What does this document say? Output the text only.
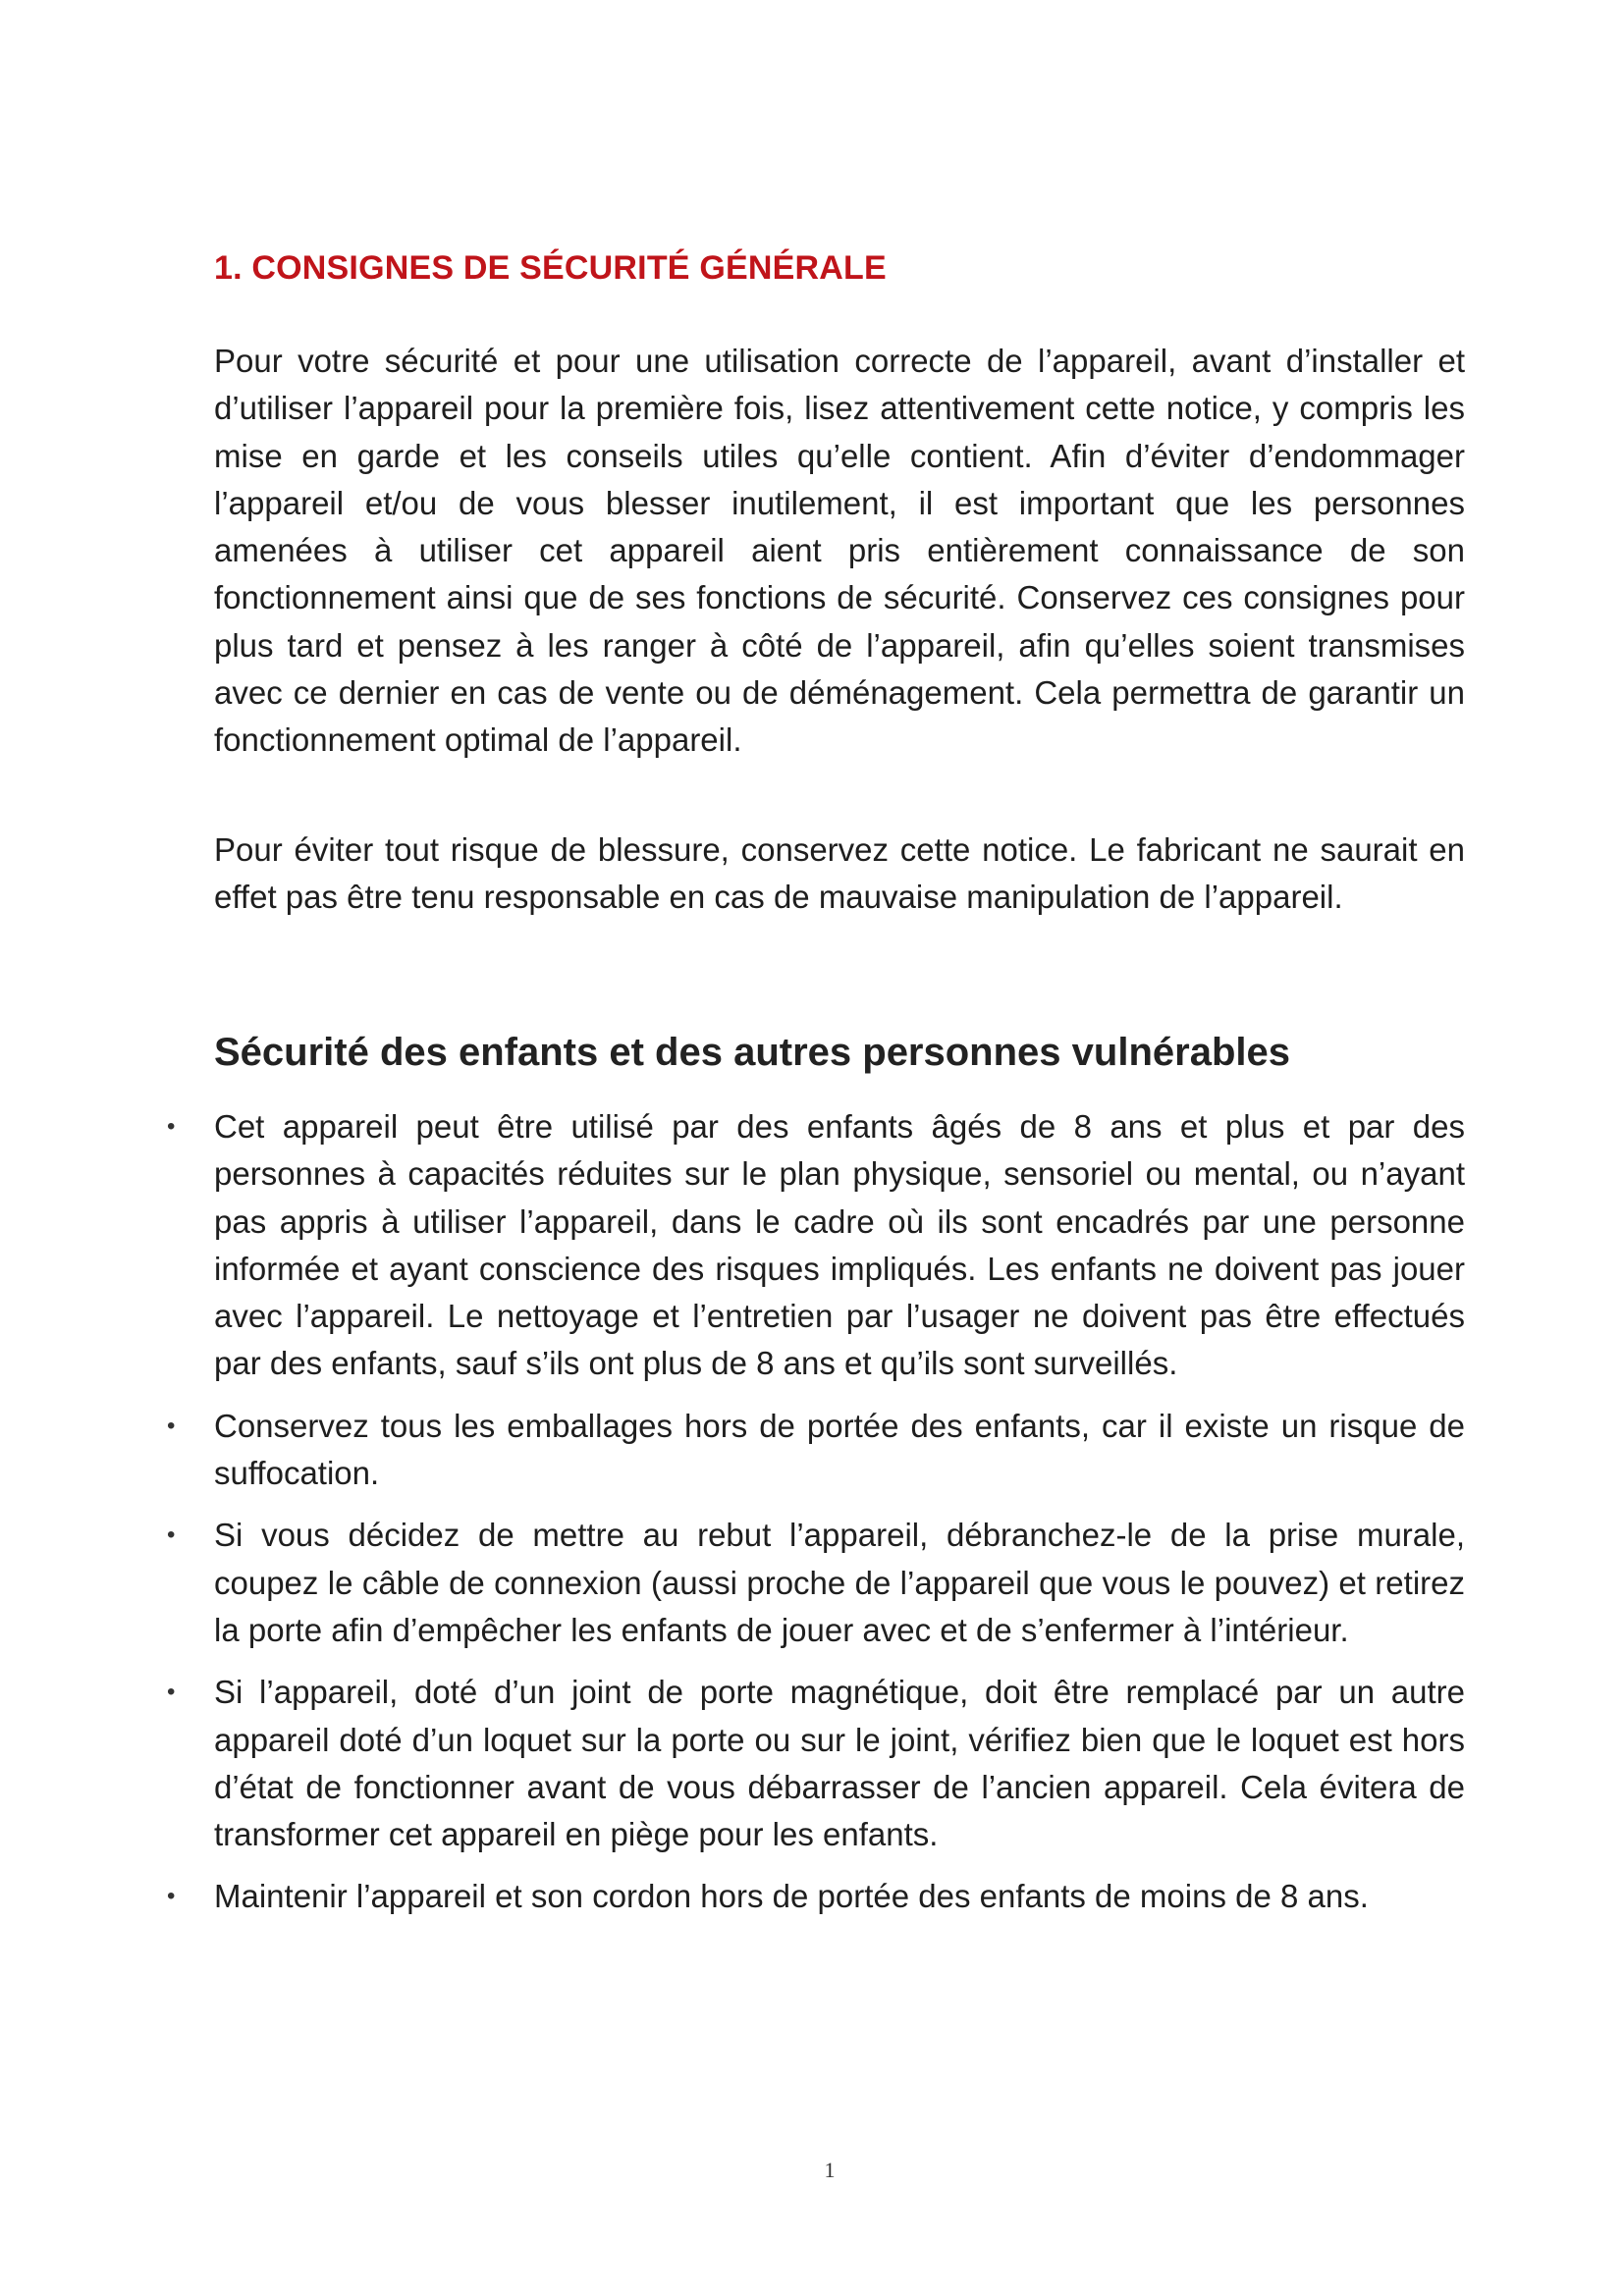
1. CONSIGNES DE SÉCURITÉ GÉNÉRALE

Pour votre sécurité et pour une utilisation correcte de l’appareil, avant d’installer et d’utiliser l’appareil pour la première fois, lisez attentivement cette notice, y compris les mise en garde et les conseils utiles qu’elle contient. Afin d’éviter d’endommager l’appareil et/ou de vous blesser inutilement, il est important que les personnes amenées à utiliser cet appareil aient pris entièrement connaissance de son fonctionnement ainsi que de ses fonctions de sécurité. Conservez ces consignes pour plus tard et pensez à les ranger à côté de l’appareil, afin qu’elles soient transmises avec ce dernier en cas de vente ou de déménagement. Cela permettra de garantir un fonctionnement optimal de l’appareil.

Pour éviter tout risque de blessure, conservez cette notice. Le fabricant ne saurait en effet pas être tenu responsable en cas de mauvaise manipulation de l’appareil.

Sécurité des enfants et des autres personnes vulnérables
• Cet appareil peut être utilisé par des enfants âgés de 8 ans et plus et par des personnes à capacités réduites sur le plan physique, sensoriel ou mental, ou n’ayant pas appris à utiliser l’appareil, dans le cadre où ils sont encadrés par une personne informée et ayant conscience des risques impliqués. Les enfants ne doivent pas jouer avec l’appareil. Le nettoyage et l’entretien par l’usager ne doivent pas être effectués par des enfants, sauf s’ils ont plus de 8 ans et qu’ils sont surveillés.
• Conservez tous les emballages hors de portée des enfants, car il existe un risque de suffocation.
• Si vous décidez de mettre au rebut l’appareil, débranchez-le de la prise murale, coupez le câble de connexion (aussi proche de l’appareil que vous le pouvez) et retirez la porte afin d’empêcher les enfants de jouer avec et de s’enfermer à l’intérieur.
• Si l’appareil, doté d’un joint de porte magnétique, doit être remplacé par un autre appareil doté d’un loquet sur la porte ou sur le joint, vérifiez bien que le loquet est hors d’état de fonctionner avant de vous débarrasser de l’ancien appareil. Cela évitera de transformer cet appareil en piège pour les enfants.
• Maintenir l’appareil et son cordon hors de portée des enfants de moins de 8 ans.

1
